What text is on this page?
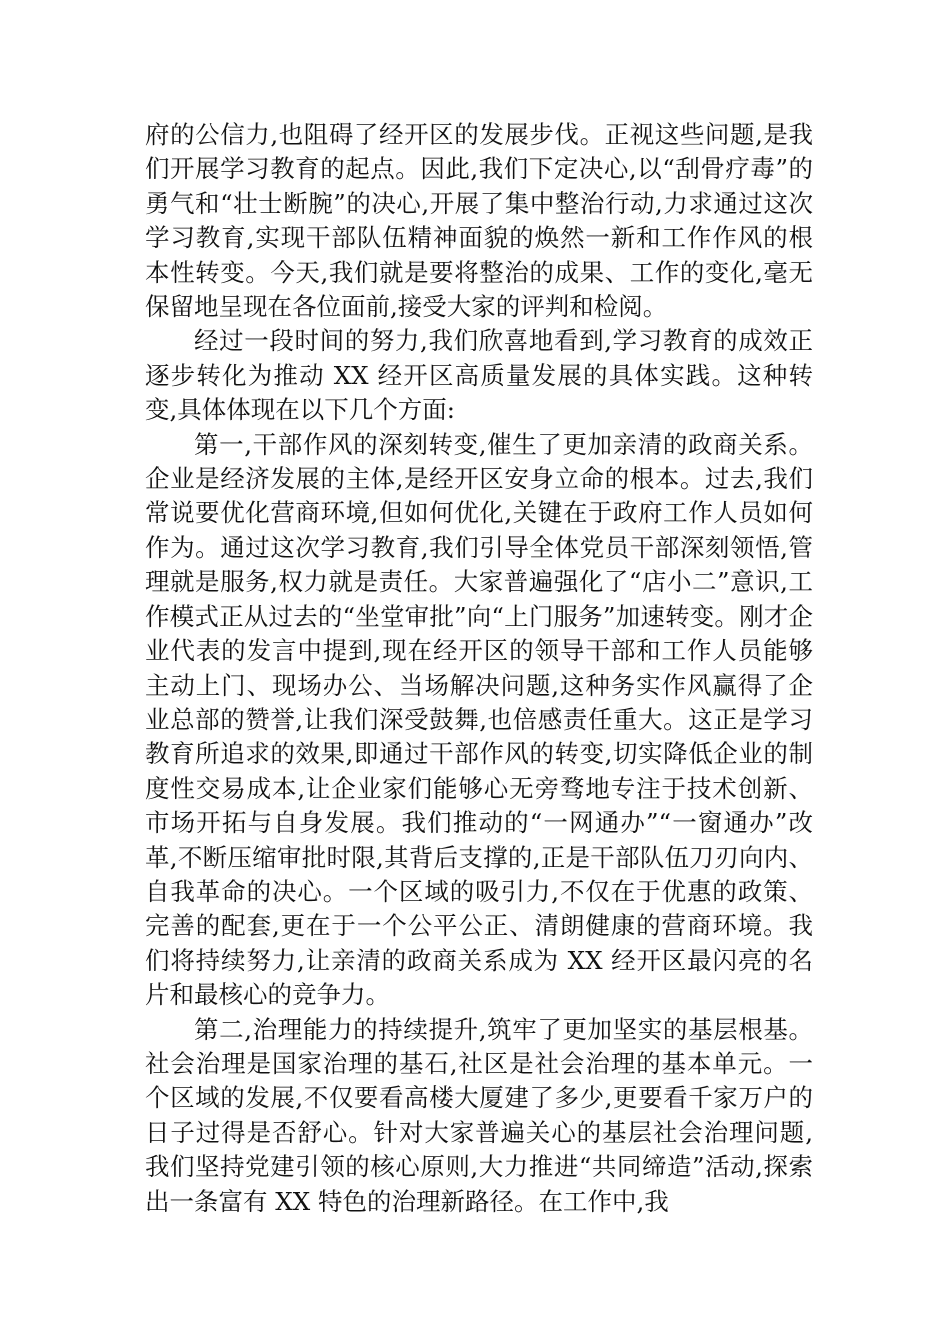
府的公信力,也阻碍了经开区的发展步伐。正视这些问题,是我们开展学习教育的起点。因此,我们下定决心,以“刮骨疗毒”的勇气和“壮士断腕”的决心,开展了集中整治行动,力求通过这次学习教育,实现干部队伍精神面貌的焕然一新和工作作风的根本性转变。今天,我们就是要将整治的成果、工作的变化,毫无保留地呈现在各位面前,接受大家的评判和检阅。

经过一段时间的努力,我们欣喜地看到,学习教育的成效正逐步转化为推动 XX 经开区高质量发展的具体实践。这种转变,具体体现在以下几个方面:

第一,干部作风的深刻转变,催生了更加亲清的政商关系。企业是经济发展的主体,是经开区安身立命的根本。过去,我们常说要优化营商环境,但如何优化,关键在于政府工作人员如何作为。通过这次学习教育,我们引导全体党员干部深刻领悟,管理就是服务,权力就是责任。大家普遍强化了“店小二”意识,工作模式正从过去的“坐堂审批”向“上门服务”加速转变。刚才企业代表的发言中提到,现在经开区的领导干部和工作人员能够主动上门、现场办公、当场解决问题,这种务实作风赢得了企业总部的赞誉,让我们深受鼓舞,也倍感责任重大。这正是学习教育所追求的效果,即通过干部作风的转变,切实降低企业的制度性交易成本,让企业家们能够心无旁骛地专注于技术创新、市场开拓与自身发展。我们推动的“一网通办”“一窗通办”改革,不断压缩审批时限,其背后支撑的,正是干部队伍刀刃向内、自我革命的决心。一个区域的吸引力,不仅在于优惠的政策、完善的配套,更在于一个公平公正、清朗健康的营商环境。我们将持续努力,让亲清的政商关系成为 XX 经开区最闪亮的名片和最核心的竞争力。

第二,治理能力的持续提升,筑牢了更加坚实的基层根基。社会治理是国家治理的基石,社区是社会治理的基本单元。一个区域的发展,不仅要看高楼大厦建了多少,更要看千家万户的日子过得是否舒心。针对大家普遍关心的基层社会治理问题,我们坚持党建引领的核心原则,大力推进“共同缔造”活动,探索出一条富有 XX 特色的治理新路径。在工作中,我
